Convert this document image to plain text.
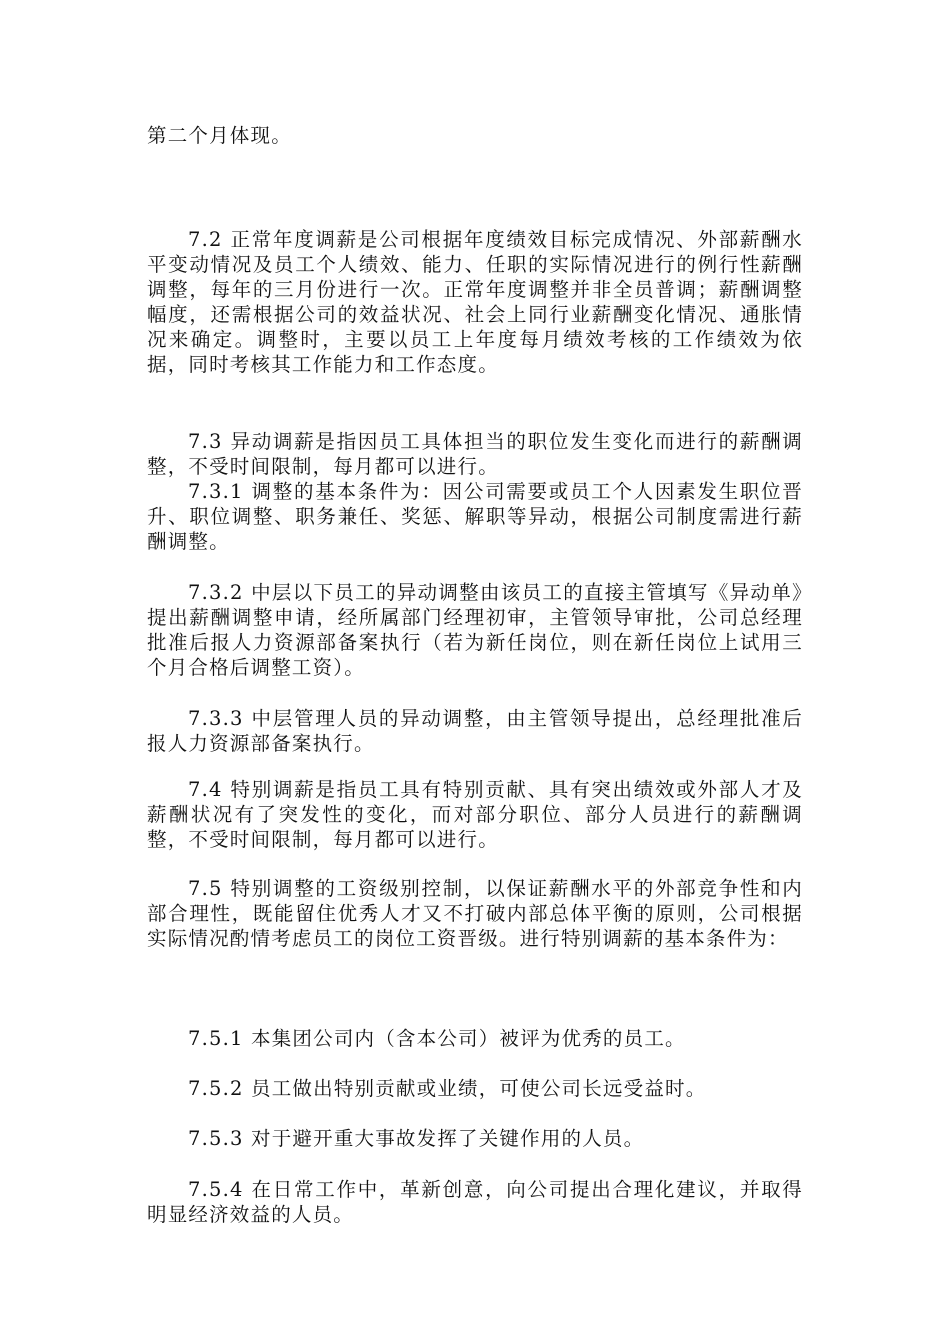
第二个月体现。

7.2 正常年度调薪是公司根据年度绩效目标完成情况、外部薪酬水平变动情况及员工个人绩效、能力、任职的实际情况进行的例行性薪酬调整，每年的三月份进行一次。正常年度调整并非全员普调；薪酬调整幅度，还需根据公司的效益状况、社会上同行业薪酬变化情况、通胀情况来确定。调整时，主要以员工上年度每月绩效考核的工作绩效为依据，同时考核其工作能力和工作态度。

7.3 异动调薪是指因员工具体担当的职位发生变化而进行的薪酬调整，不受时间限制，每月都可以进行。

7.3.1 调整的基本条件为：因公司需要或员工个人因素发生职位晋升、职位调整、职务兼任、奖惩、解职等异动，根据公司制度需进行薪酬调整。

7.3.2 中层以下员工的异动调整由该员工的直接主管填写《异动单》提出薪酬调整申请，经所属部门经理初审，主管领导审批，公司总经理批准后报人力资源部备案执行（若为新任岗位，则在新任岗位上试用三个月合格后调整工资）。

7.3.3 中层管理人员的异动调整，由主管领导提出，总经理批准后报人力资源部备案执行。

7.4 特别调薪是指员工具有特别贡献、具有突出绩效或外部人才及薪酬状况有了突发性的变化，而对部分职位、部分人员进行的薪酬调整，不受时间限制，每月都可以进行。

7.5 特别调整的工资级别控制，以保证薪酬水平的外部竞争性和内部合理性，既能留住优秀人才又不打破内部总体平衡的原则，公司根据实际情况酌情考虑员工的岗位工资晋级。进行特别调薪的基本条件为：

7.5.1 本集团公司内（含本公司）被评为优秀的员工。

7.5.2 员工做出特别贡献或业绩，可使公司长远受益时。

7.5.3 对于避开重大事故发挥了关键作用的人员。

7.5.4 在日常工作中，革新创意，向公司提出合理化建议，并取得明显经济效益的人员。
